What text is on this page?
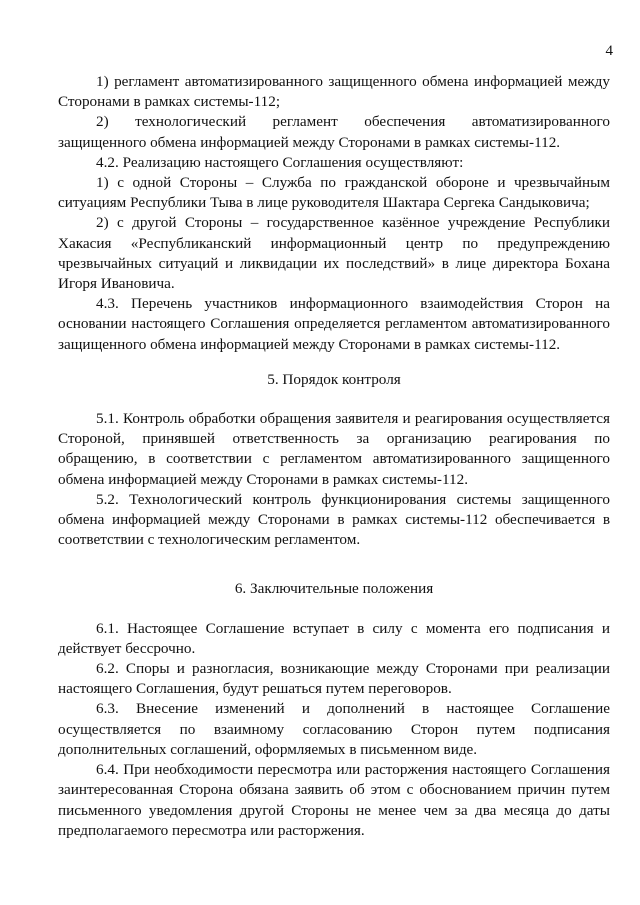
4

1) регламент автоматизированного защищенного обмена информацией между Сторонами в рамках системы-112;

2) технологический регламент обеспечения автоматизированного защищенного обмена информацией между Сторонами в рамках системы-112.

4.2. Реализацию настоящего Соглашения осуществляют:

1) с одной Стороны – Служба по гражданской обороне и чрезвычайным ситуациям Республики Тыва в лице руководителя Шактара Сергека Сандыковича;

2) с другой Стороны – государственное казённое учреждение Республики Хакасия «Республиканский информационный центр по предупреждению чрезвычайных ситуаций и ликвидации их последствий» в лице директора Бохана Игоря Ивановича.

4.3. Перечень участников информационного взаимодействия Сторон на основании настоящего Соглашения определяется регламентом автоматизированного защищенного обмена информацией между Сторонами в рамках системы-112.

5. Порядок контроля

5.1. Контроль обработки обращения заявителя и реагирования осуществляется Стороной, принявшей ответственность за организацию реагирования по обращению, в соответствии с регламентом автоматизированного защищенного обмена информацией между Сторонами в рамках системы-112.

5.2. Технологический контроль функционирования системы защищенного обмена информацией между Сторонами в рамках системы-112 обеспечивается в соответствии с технологическим регламентом.

6. Заключительные положения

6.1. Настоящее Соглашение вступает в силу с момента его подписания и действует бессрочно.

6.2. Споры и разногласия, возникающие между Сторонами при реализации настоящего Соглашения, будут решаться путем переговоров.

6.3. Внесение изменений и дополнений в настоящее Соглашение осуществляется по взаимному согласованию Сторон путем подписания дополнительных соглашений, оформляемых в письменном виде.

6.4. При необходимости пересмотра или расторжения настоящего Соглашения заинтересованная Сторона обязана заявить об этом с обоснованием причин путем письменного уведомления другой Стороны не менее чем за два месяца до даты предполагаемого пересмотра или расторжения.
